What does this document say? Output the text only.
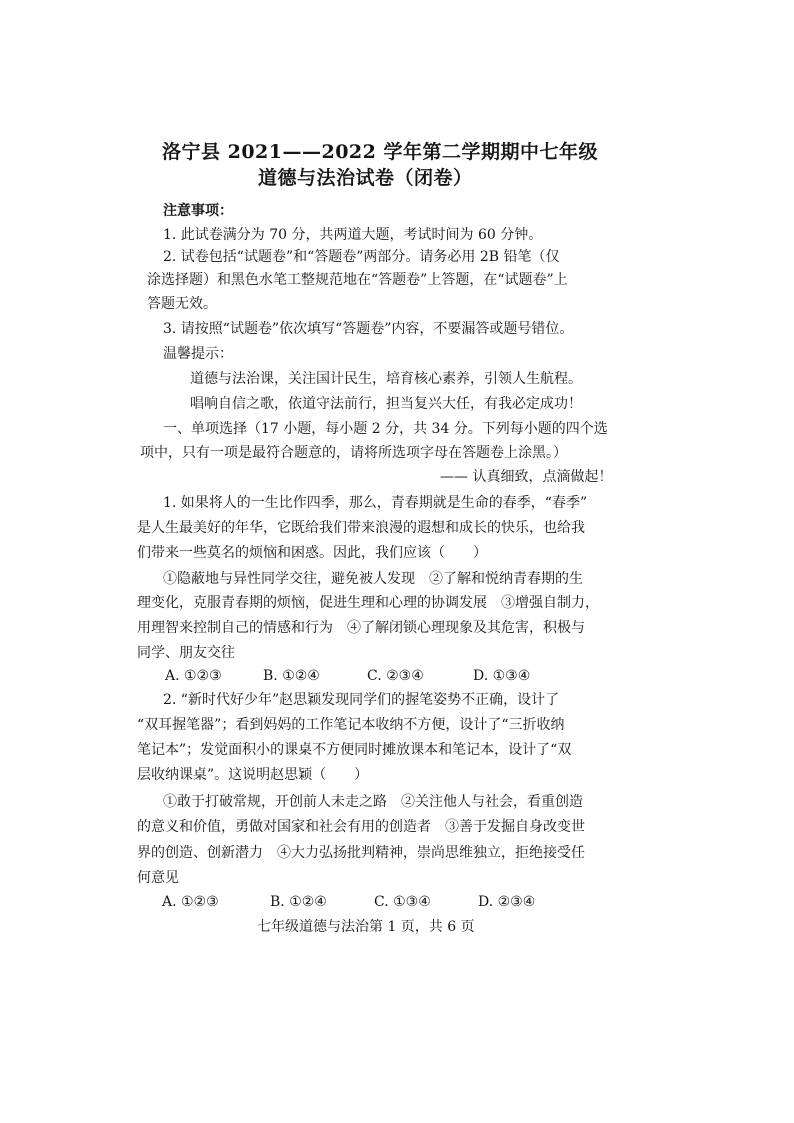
洛宁县 2021——2022 学年第二学期期中七年级
道德与法治试卷（闭卷）
注意事项：
1. 此试卷满分为 70 分，共两道大题，考试时间为 60 分钟。
2. 试卷包括“试题卷”和“答题卷”两部分。请务必用 2B 铅笔（仅
涂选择题）和黑色水笔工整规范地在“答题卷”上答题，在“试题卷”上
答题无效。
3. 请按照“试题卷”依次填写“答题卷”内容，不要漏答或题号错位。
温馨提示：
道德与法治课，关注国计民生，培育核心素养，引领人生航程。
唱响自信之歌，依道守法前行，担当复兴大任，有我必定成功！
一、单项选择（17 小题，每小题 2 分，共 34 分。下列每小题的四个选
项中，只有一项是最符合题意的，请将所选项字母在答题卷上涂黑。）
—— 认真细致，点滴做起！
1. 如果将人的一生比作四季，那么，青春期就是生命的春季，“春季”
是人生最美好的年华，它既给我们带来浪漫的遐想和成长的快乐，也给我
们带来一些莫名的烦恼和困惑。因此，我们应该（　　）
①隐蔽地与异性同学交往，避免被人发现　②了解和悦纳青春期的生
理变化，克服青春期的烦恼，促进生理和心理的协调发展　③增强自制力，
用理智来控制自己的情感和行为　④了解闭锁心理现象及其危害，积极与
同学、朋友交往
A. ①②③	B. ①②④	C. ②③④	D. ①③④
2. “新时代好少年”赵思颖发现同学们的握笔姿势不正确，设计了
“双耳握笔器”；看到妈妈的工作笔记本收纳不方便，设计了“三折收纳
笔记本”；发觉面积小的课桌不方便同时摊放课本和笔记本，设计了“双
层收纳课桌”。这说明赵思颖（　　）
①敢于打破常规，开创前人未走之路　②关注他人与社会，看重创造
的意义和价值，勇做对国家和社会有用的创造者　③善于发掘自身改变世
界的创造、创新潜力　④大力弘扬批判精神，崇尚思维独立，拒绝接受任
何意见
A. ①②③	B. ①②④	C. ①③④	D. ②③④
七年级道德与法治第 1 页，共 6 页
